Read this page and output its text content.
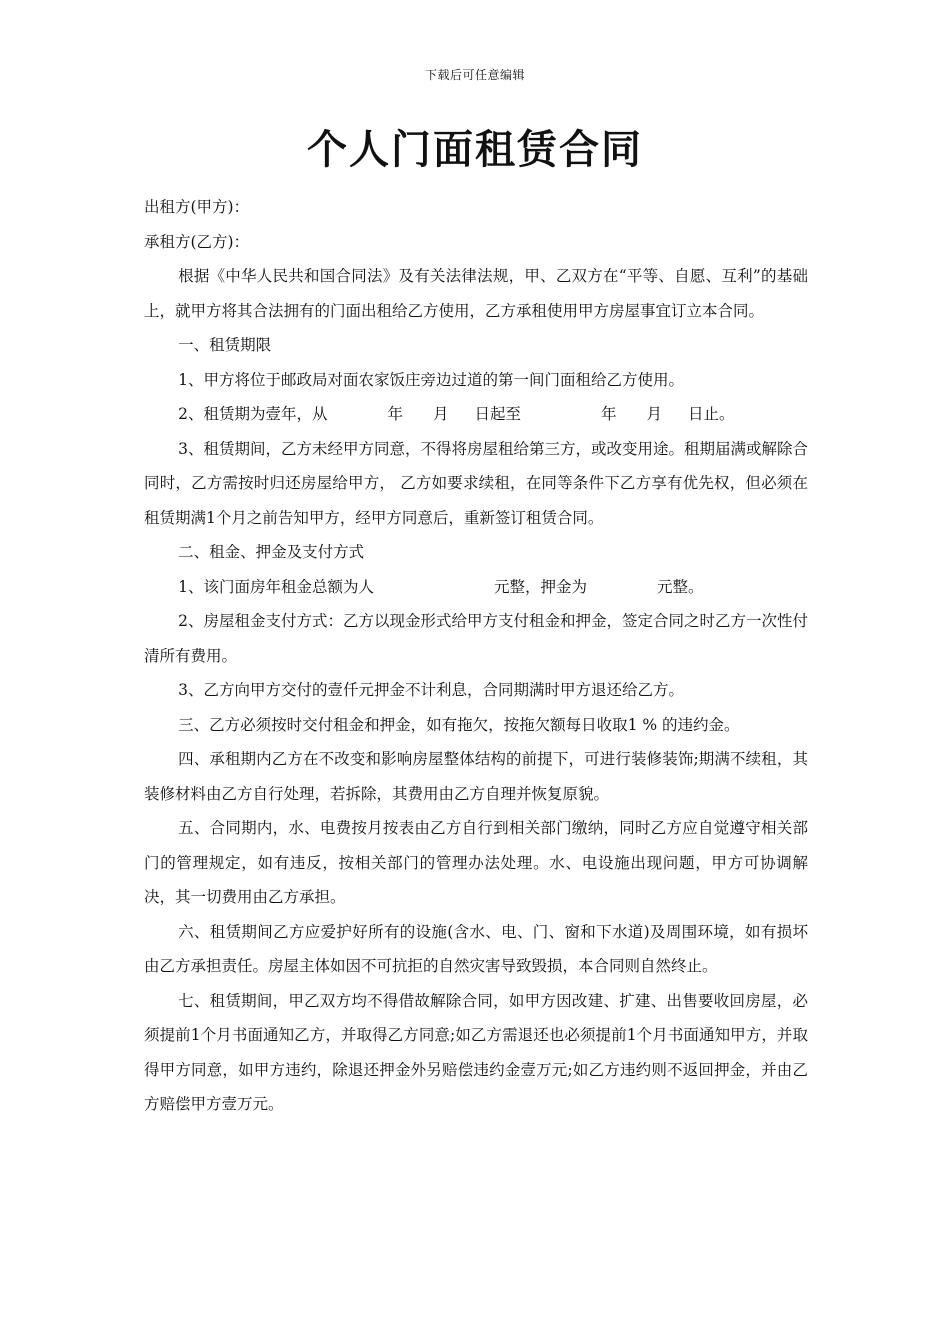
下载后可任意编辑
个人门面租赁合同

出租方(甲方)：

承租方(乙方)：

根据《中华人民共和国合同法》及有关法律法规，甲、乙双方在“平等、自愿、互利”的基础上，就甲方将其合法拥有的门面出租给乙方使用，乙方承租使用甲方房屋事宜订立本合同。

一、租赁期限

1、甲方将位于邮政局对面农家饭庄旁边过道的第一间门面租给乙方使用。

2、租赁期为壹年，从	年 月 日起至	年 月 日止。

3、租赁期间，乙方未经甲方同意，不得将房屋租给第三方，或改变用途。租期届满或解除合同时，乙方需按时归还房屋给甲方， 乙方如要求续租，在同等条件下乙方享有优先权，但必须在租赁期满1个月之前告知甲方，经甲方同意后，重新签订租赁合同。

二、租金、押金及支付方式

1、该门面房年租金总额为人	元整，押金为	元整。

2、房屋租金支付方式：乙方以现金形式给甲方支付租金和押金，签定合同之时乙方一次性付清所有费用。

3、乙方向甲方交付的壹仟元押金不计利息，合同期满时甲方退还给乙方。

三、乙方必须按时交付租金和押金，如有拖欠，按拖欠额每日收取1 % 的违约金。

四、承租期内乙方在不改变和影响房屋整体结构的前提下，可进行装修装饰;期满不续租，其装修材料由乙方自行处理，若拆除，其费用由乙方自理并恢复原貌。

五、合同期内，水、电费按月按表由乙方自行到相关部门缴纳，同时乙方应自觉遵守相关部门的管理规定，如有违反，按相关部门的管理办法处理。水、电设施出现问题，甲方可协调解决，其一切费用由乙方承担。

六、租赁期间乙方应爱护好所有的设施(含水、电、门、窗和下水道)及周围环境，如有损坏由乙方承担责任。房屋主体如因不可抗拒的自然灾害导致毁损，本合同则自然终止。

七、租赁期间，甲乙双方均不得借故解除合同，如甲方因改建、扩建、出售要收回房屋，必须提前1个月书面通知乙方，并取得乙方同意;如乙方需退还也必须提前1个月书面通知甲方，并取得甲方同意，如甲方违约，除退还押金外另赔偿违约金壹万元;如乙方违约则不返回押金，并由乙方赔偿甲方壹万元。
